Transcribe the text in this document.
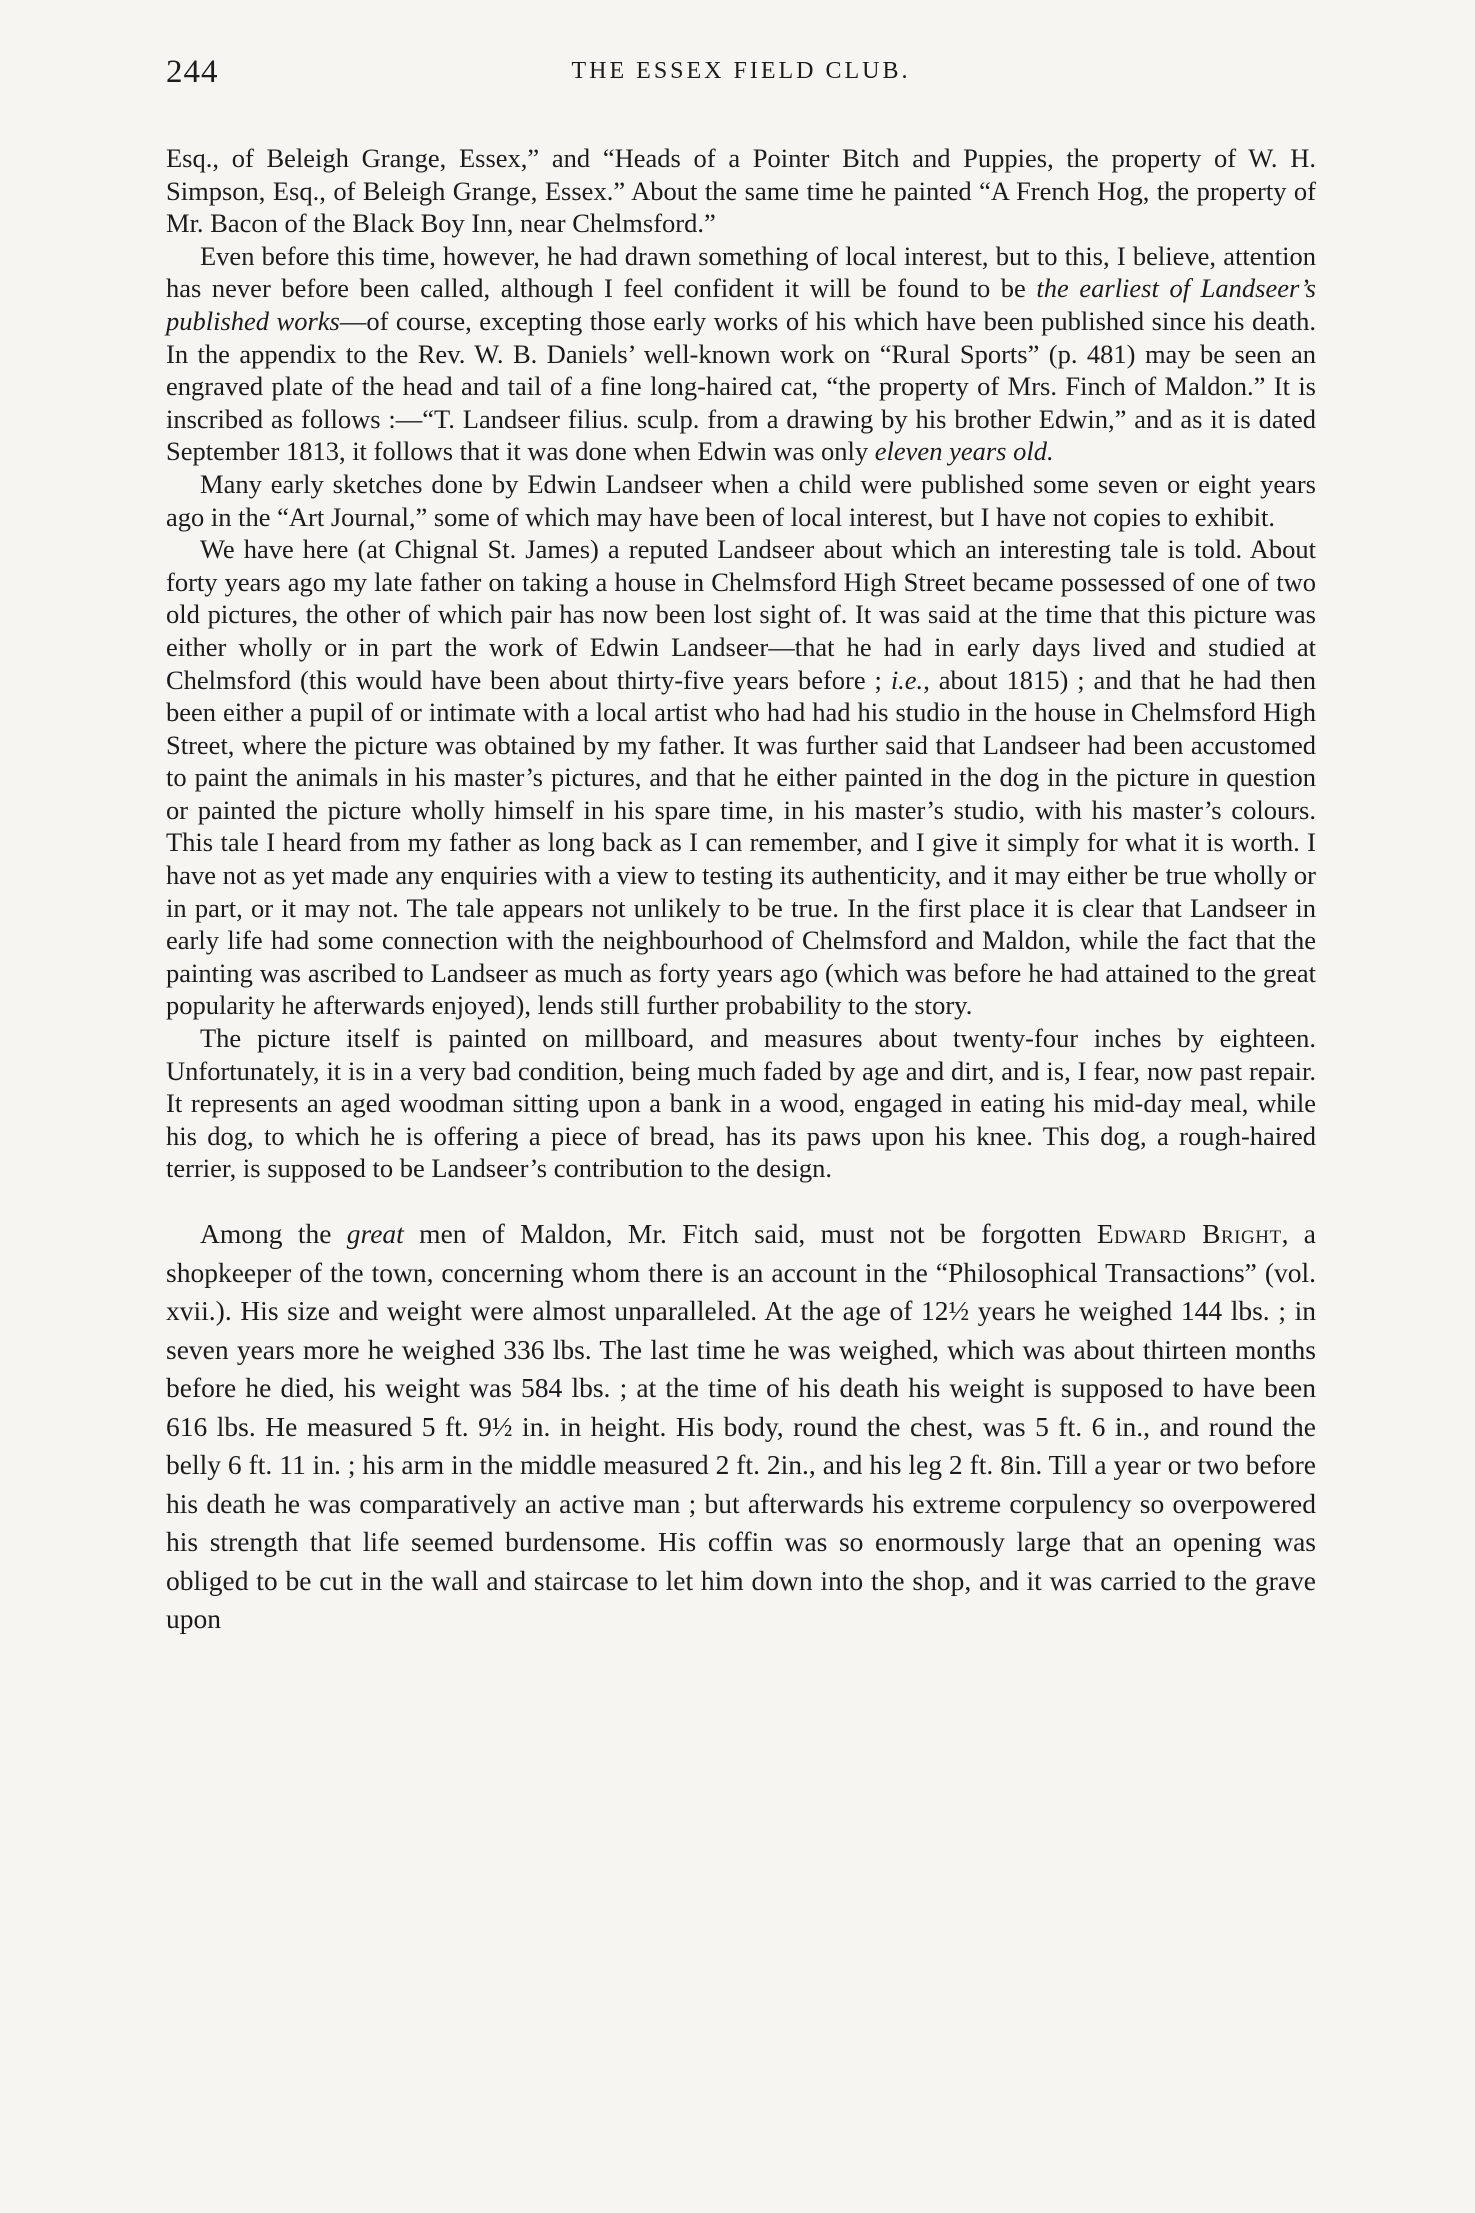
244	THE ESSEX FIELD CLUB.

Esq., of Beleigh Grange, Essex,” and “Heads of a Pointer Bitch and Puppies, the property of W. H. Simpson, Esq., of Beleigh Grange, Essex.” About the same time he painted “A French Hog, the property of Mr. Bacon of the Black Boy Inn, near Chelmsford.”

Even before this time, however, he had drawn something of local interest, but to this, I believe, attention has never before been called, although I feel confident it will be found to be the earliest of Landseer’s published works—of course, excepting those early works of his which have been published since his death. In the appendix to the Rev. W. B. Daniels’ well-known work on “Rural Sports” (p. 481) may be seen an engraved plate of the head and tail of a fine long-haired cat, “the property of Mrs. Finch of Maldon.” It is inscribed as follows :—“T. Landseer filius. sculp. from a drawing by his brother Edwin,” and as it is dated September 1813, it follows that it was done when Edwin was only eleven years old.

Many early sketches done by Edwin Landseer when a child were published some seven or eight years ago in the “Art Journal,” some of which may have been of local interest, but I have not copies to exhibit.

We have here (at Chignal St. James) a reputed Landseer about which an interesting tale is told. About forty years ago my late father on taking a house in Chelmsford High Street became possessed of one of two old pictures, the other of which pair has now been lost sight of. It was said at the time that this picture was either wholly or in part the work of Edwin Landseer—that he had in early days lived and studied at Chelmsford (this would have been about thirty-five years before ; i.e., about 1815) ; and that he had then been either a pupil of or intimate with a local artist who had had his studio in the house in Chelmsford High Street, where the picture was obtained by my father. It was further said that Landseer had been accustomed to paint the animals in his master’s pictures, and that he either painted in the dog in the picture in question or painted the picture wholly himself in his spare time, in his master’s studio, with his master’s colours. This tale I heard from my father as long back as I can remember, and I give it simply for what it is worth. I have not as yet made any enquiries with a view to testing its authenticity, and it may either be true wholly or in part, or it may not. The tale appears not unlikely to be true. In the first place it is clear that Landseer in early life had some connection with the neighbourhood of Chelmsford and Maldon, while the fact that the painting was ascribed to Landseer as much as forty years ago (which was before he had attained to the great popularity he afterwards enjoyed), lends still further probability to the story.

The picture itself is painted on millboard, and measures about twenty-four inches by eighteen. Unfortunately, it is in a very bad condition, being much faded by age and dirt, and is, I fear, now past repair. It represents an aged woodman sitting upon a bank in a wood, engaged in eating his mid-day meal, while his dog, to which he is offering a piece of bread, has its paws upon his knee. This dog, a rough-haired terrier, is supposed to be Landseer’s contribution to the design.

Among the great men of Maldon, Mr. Fitch said, must not be forgotten Edward Bright, a shopkeeper of the town, concerning whom there is an account in the “Philosophical Transactions” (vol. xvii.). His size and weight were almost unparalleled. At the age of 12½ years he weighed 144 lbs. ; in seven years more he weighed 336 lbs. The last time he was weighed, which was about thirteen months before he died, his weight was 584 lbs. ; at the time of his death his weight is supposed to have been 616 lbs. He measured 5 ft. 9½ in. in height. His body, round the chest, was 5 ft. 6 in., and round the belly 6 ft. 11 in. ; his arm in the middle measured 2 ft. 2in., and his leg 2 ft. 8in. Till a year or two before his death he was comparatively an active man ; but afterwards his extreme corpulency so overpowered his strength that life seemed burdensome. His coffin was so enormously large that an opening was obliged to be cut in the wall and staircase to let him down into the shop, and it was carried to the grave upon
